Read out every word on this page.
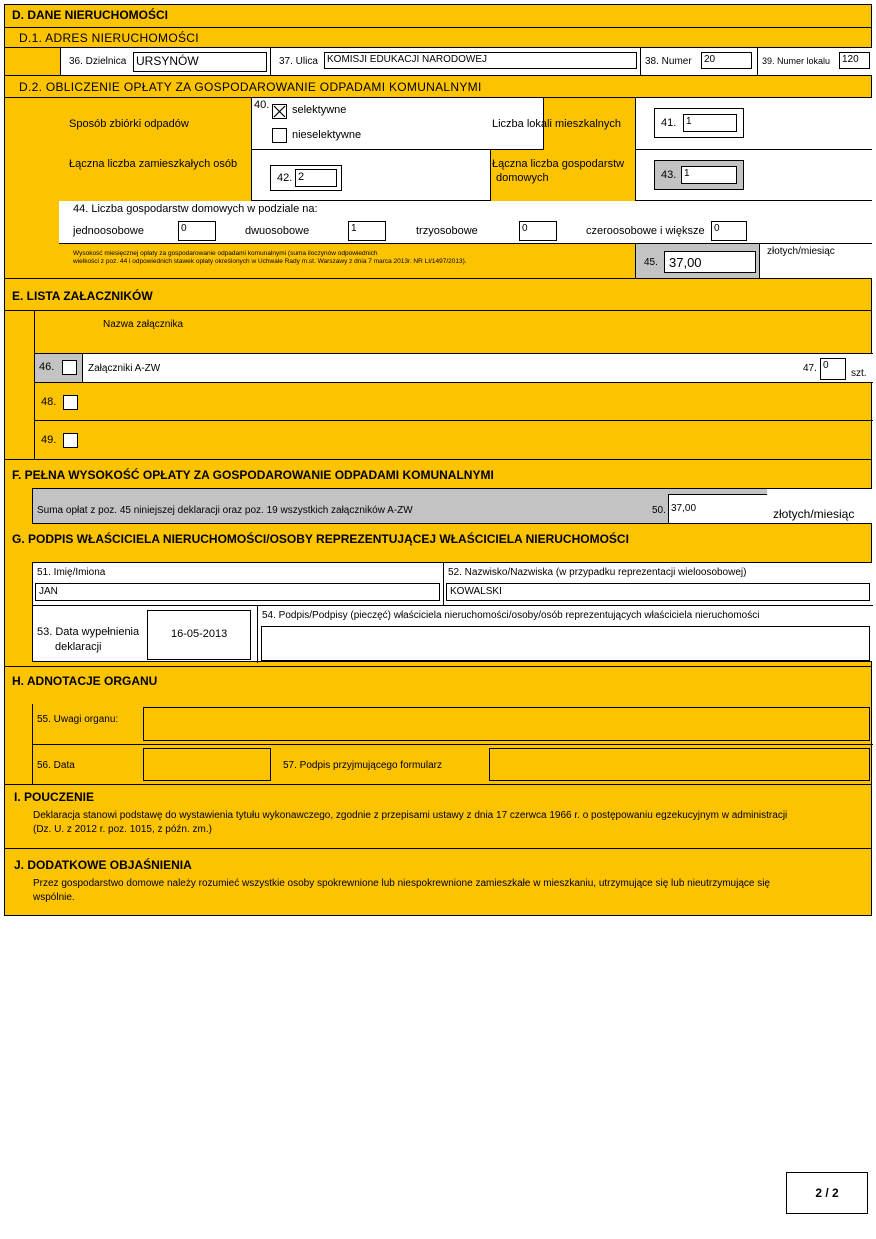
D. DANE NIERUCHOMOŚCI
D.1. ADRES NIERUCHOMOŚCI
36. Dzielnica URSYNÓW	37. Ulica KOMISJI EDUKACJI NARODOWEJ	38. Numer	20	39. Numer lokalu	120
D.2. OBLICZENIE OPŁATY ZA GOSPODAROWANIE ODPADAMI KOMUNALNYMI
Sposób zbiórki odpadów
40. selektywne
nieselektywne
Liczba lokali mieszkalnych	41. 1
Łączna liczba zamieszkałych osób
42. 2
Łączna liczba gospodarstw
domowych	43. 1
44. Liczba gospodarstw domowych w podziale na:
jednoosobowe	0	dwuosobowe	1	trzyosobowe	0	czeroosobowe i większe 0
Wysokość miesięcznej opłaty za gospodarowanie odpadami komunalnymi (suma iloczynów odpowiednich
wielkości z poz. 44 i odpowiednich stawek opłaty określonych w Uchwale Rady m.st. Warszawy z dnia 7 marca 2013r. NR LI/1497/2013).	45. 37,00
złotych/miesiąc
E. LISTA ZAŁACZNIKÓW
Nazwa załącznika
46.	Załączniki A-ZW	47. 0
szt.
48.
49.
F. PEŁNA WYSOKOŚĆ OPŁATY ZA GOSPODAROWANIE ODPADAMI KOMUNALNYMI
Suma opłat z poz. 45 niniejszej deklaracji oraz poz. 19 wszystkich załączników A-ZW	50. 37,00	złotych/miesiąc
G. PODPIS WŁAŚCICIELA NIERUCHOMOŚCI/OSOBY REPREZENTUJĄCEJ WŁAŚCICIELA NIERUCHOMOŚCI
51. Imię/Imiona
JAN
52. Nazwisko/Nazwiska (w przypadku reprezentacji wieloosobowej)
KOWALSKI
53. Data wypełnienia
deklaracji
16-05-2013
54. Podpis/Podpisy (pieczęć) właściciela nieruchomości/osoby/osób reprezentujących właściciela nieruchomości
H. ADNOTACJE ORGANU
55. Uwagi organu:
56. Data	57. Podpis przyjmującego formularz
I. POUCZENIE
Deklaracja stanowi podstawę do wystawienia tytułu wykonawczego, zgodnie z przepisami ustawy z dnia 17 czerwca 1966 r. o postępowaniu egzekucyjnym w administracji
(Dz. U. z 2012 r. poz. 1015, z późn. zm.)
J. DODATKOWE OBJAŚNIENIA
Przez gospodarstwo domowe należy rozumieć wszystkie osoby spokrewnione lub niespokrewnione zamieszkałe w mieszkaniu, utrzymujące się lub nieutrzymujące się
wspólnie.
2 / 2
